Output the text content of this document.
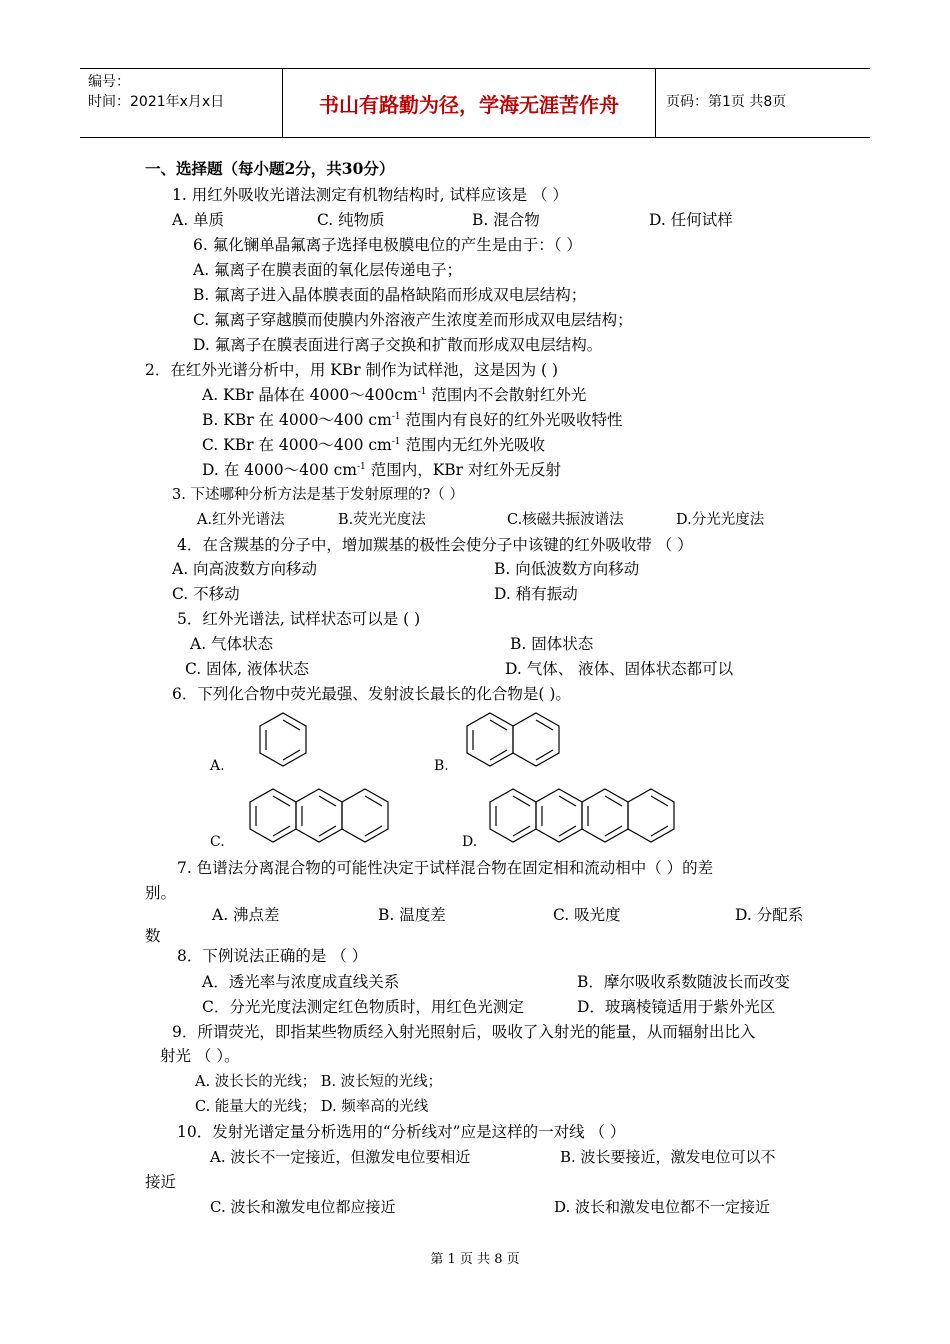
编号：
时间：2021年x月x日	书山有路勤为径，学海无涯苦作舟	页码：第1页 共8页
一、选择题（每小题2分，共30分）
1. 用红外吸收光谱法测定有机物结构时, 试样应该是 （ ）
A. 单质	C. 纯物质	B. 混合物	D. 任何试样
6. 氟化镧单晶氟离子选择电极膜电位的产生是由于：（ ）
A. 氟离子在膜表面的氧化层传递电子；
B. 氟离子进入晶体膜表面的晶格缺陷而形成双电层结构；
C. 氟离子穿越膜而使膜内外溶液产生浓度差而形成双电层结构；
D. 氟离子在膜表面进行离子交换和扩散而形成双电层结构。
2．在红外光谱分析中，用 KBr 制作为试样池，这是因为 ( )
A. KBr 晶体在 $4000\sim 400cm^{-1}$ 范围内不会散射红外光
B. KBr 在 4000～400 $cm^{-1}$ 范围内有良好的红外光吸收特性
C. KBr 在 4000～400 $cm^{-1}$ 范围内无红外光吸收
D. 在 4000～400 $cm^{-1}$ 范围内，KBr 对红外无反射
3. 下述哪种分析方法是基于发射原理的?（ ）
A.红外光谱法	B.荧光光度法	C.核磁共振波谱法	D.分光光度法
4．在含羰基的分子中，增加羰基的极性会使分子中该键的红外吸收带 （ ）
A. 向高波数方向移动	B. 向低波数方向移动
C. 不移动	D. 稍有振动
5．红外光谱法, 试样状态可以是 ( )
A. 气体状态	B. 固体状态
C. 固体, 液体状态	D. 气体、 液体、固体状态都可以
6．下列化合物中荧光最强、发射波长最长的化合物是( )。
A.	B.
C.	D.
7. 色谱法分离混合物的可能性决定于试样混合物在固定相和流动相中（ ）的差
别。
A. 沸点差	B. 温度差	C. 吸光度	D. 分配系
数
8．下例说法正确的是 （ ）
A．透光率与浓度成直线关系	B．摩尔吸收系数随波长而改变
C．分光光度法测定红色物质时，用红色光测定	D．玻璃棱镜适用于紫外光区
9．所谓荧光，即指某些物质经入射光照射后，吸收了入射光的能量，从而辐射出比入
射光 （ ）。
A. 波长长的光线； B. 波长短的光线；
C. 能量大的光线； D. 频率高的光线
10．发射光谱定量分析选用的“分析线对”应是这样的一对线 （ ）
A. 波长不一定接近，但激发电位要相近	B. 波长要接近，激发电位可以不
接近
C. 波长和激发电位都应接近	D. 波长和激发电位都不一定接近
第 1 页 共 8 页
